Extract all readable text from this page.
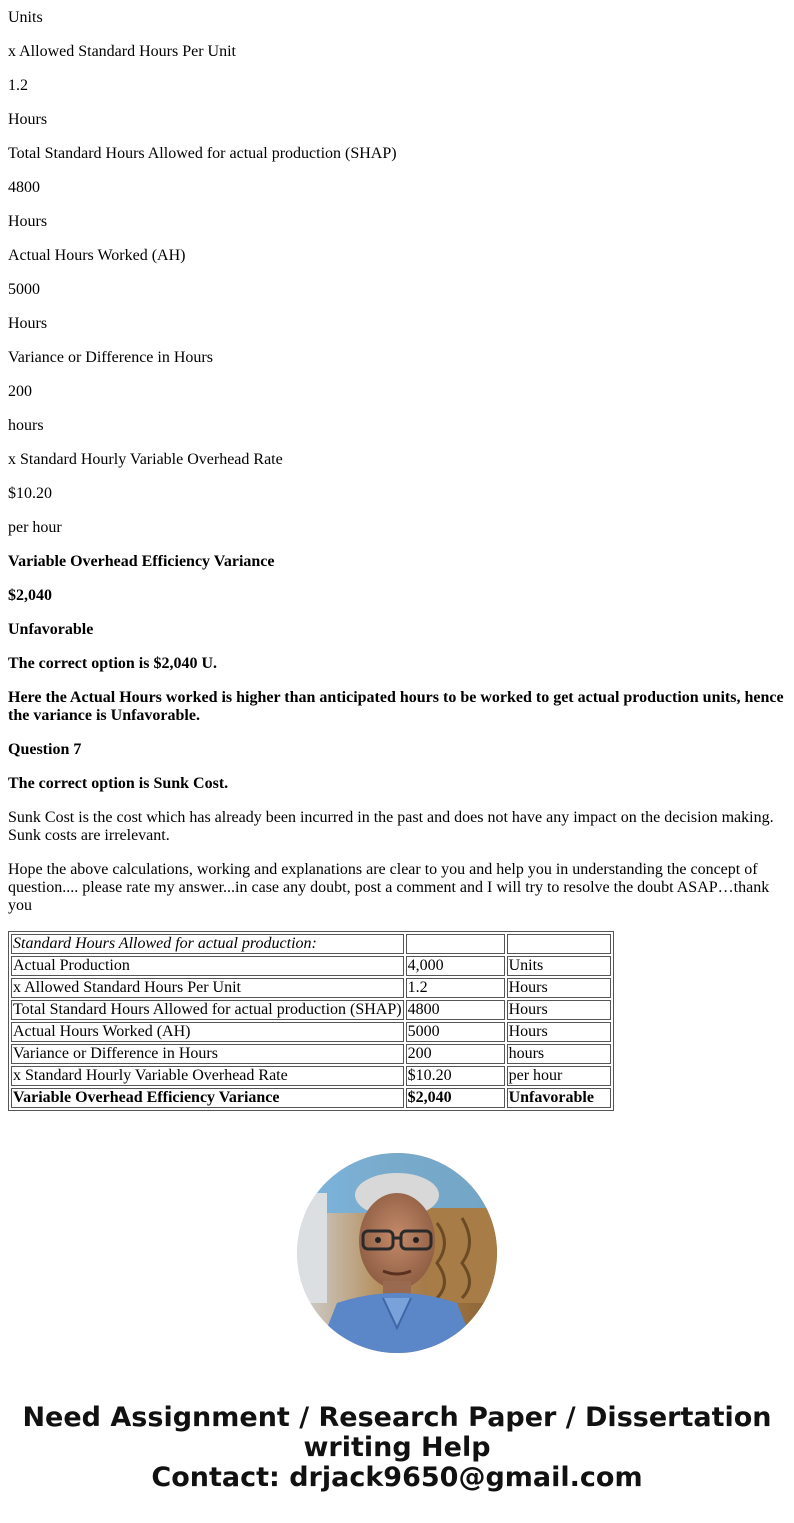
Units

x Allowed Standard Hours Per Unit

1.2

Hours

Total Standard Hours Allowed for actual production (SHAP)

4800

Hours

Actual Hours Worked (AH)

5000

Hours

Variance or Difference in Hours

200

hours

x Standard Hourly Variable Overhead Rate

$10.20

per hour

Variable Overhead Efficiency Variance

$2,040

Unfavorable

The correct option is $2,040 U.

Here the Actual Hours worked is higher than anticipated hours to be worked to get actual production units, hence the variance is Unfavorable.

Question 7

The correct option is Sunk Cost.

Sunk Cost is the cost which has already been incurred in the past and does not have any impact on the decision making. Sunk costs are irrelevant.

Hope the above calculations, working and explanations are clear to you and help you in understanding the concept of question.... please rate my answer...in case any doubt, post a comment and I will try to resolve the doubt ASAP…thank you

Standard Hours Allowed for actual production:		
Actual Production	4,000	Units
x Allowed Standard Hours Per Unit	1.2	Hours
Total Standard Hours Allowed for actual production (SHAP)	4800	Hours
Actual Hours Worked (AH)	5000	Hours
Variance or Difference in Hours	200	hours
x Standard Hourly Variable Overhead Rate	$10.20	per hour
Variable Overhead Efficiency Variance	$2,040	Unfavorable
Need Assignment / Research Paper / Dissertation
writing Help
Contact: drjack9650@gmail.com
